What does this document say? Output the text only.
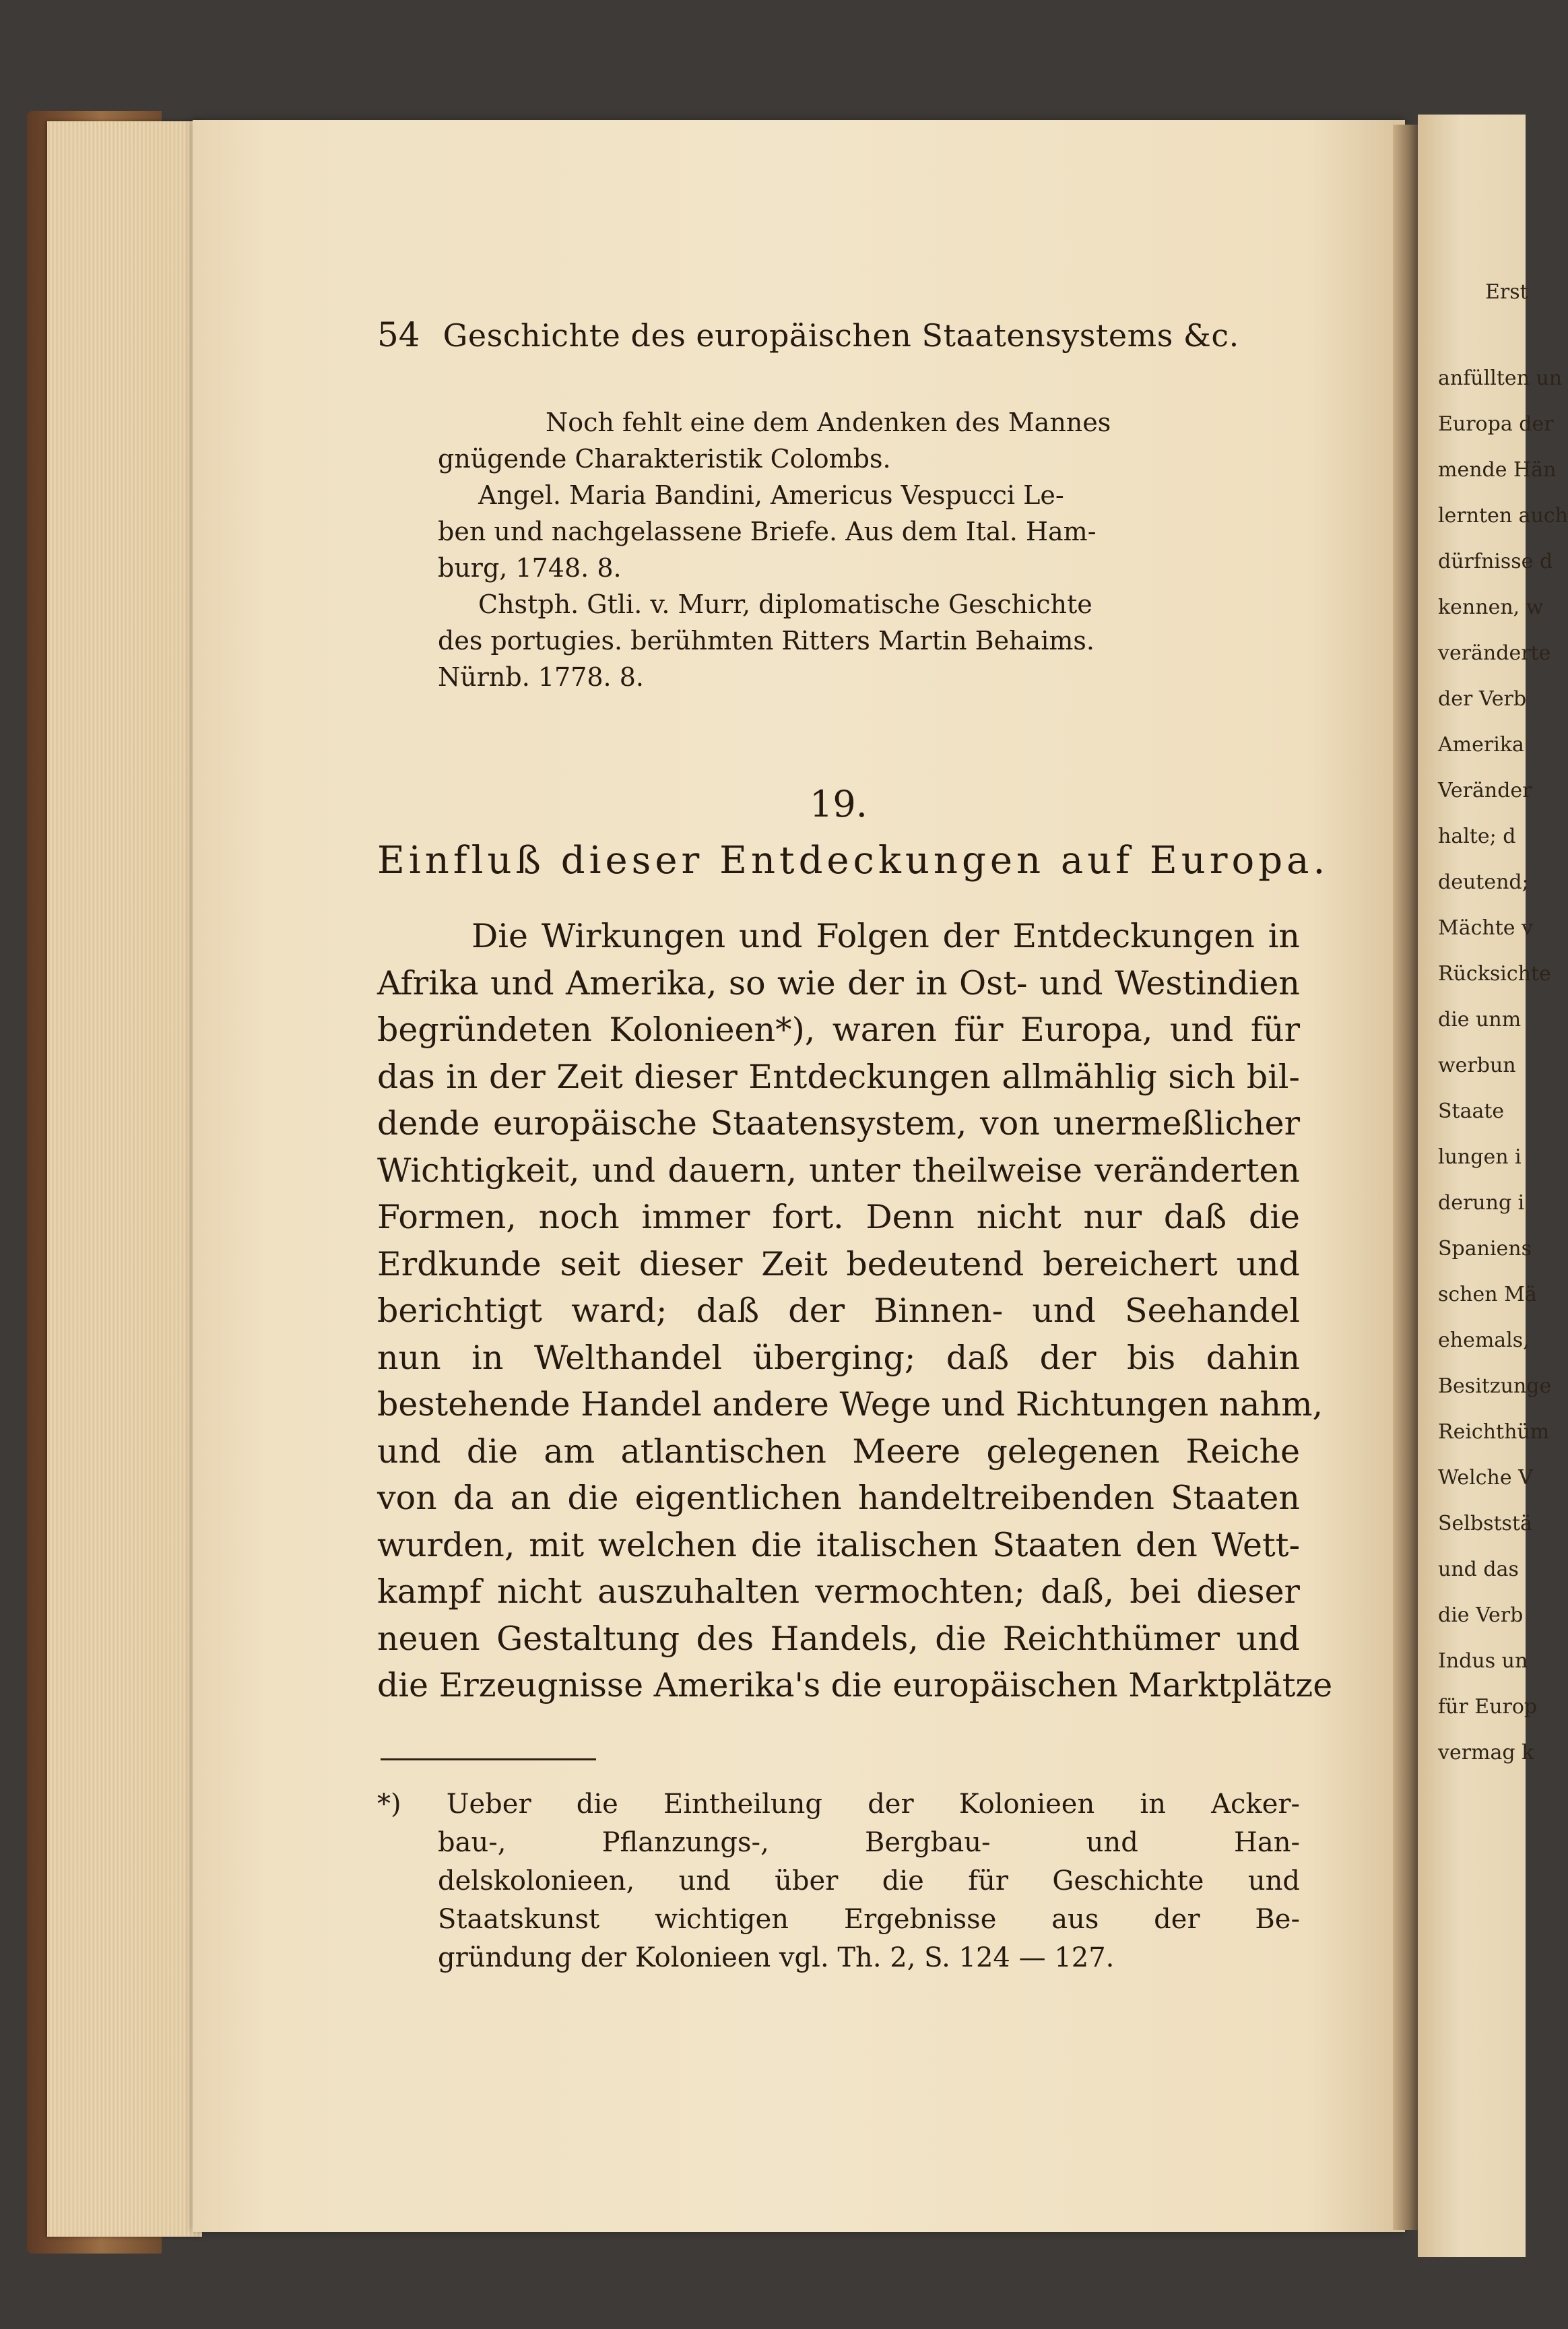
Erst
anfüllten un
Europa der
mende Hän
lernten auch
dürfnisse d
kennen, w
veränderte
der Verb
Amerika
Veränder
halte; d
deutend;
Mächte v
Rücksichte
die unm
werbun
Staate
lungen i
derung i
Spaniens
schen Mä
ehemals,
Besitzunge
Reichthüm
Welche V
Selbststä
und das
die Verb
Indus un
für Europ
vermag k
54 Geschichte des europäischen Staatensystems &c.
Noch fehlt eine dem Andenken des Mannes
gnügende Charakteristik Colombs.
Angel. Maria Bandini, Americus Vespucci Le-
ben und nachgelassene Briefe. Aus dem Ital. Ham-
burg, 1748. 8.
Chstph. Gtli. v. Murr, diplomatische Geschichte
des portugies. berühmten Ritters Martin Behaims.
Nürnb. 1778. 8.
19.
Einfluß dieser Entdeckungen auf Europa.
Die Wirkungen und Folgen der Entdeckungen in
Afrika und Amerika, so wie der in Ost- und Westindien
begründeten Kolonieen*), waren für Europa, und für
das in der Zeit dieser Entdeckungen allmählig sich bil-
dende europäische Staatensystem, von unermeßlicher
Wichtigkeit, und dauern, unter theilweise veränderten
Formen, noch immer fort. Denn nicht nur daß die
Erdkunde seit dieser Zeit bedeutend bereichert und
berichtigt ward; daß der Binnen- und Seehandel
nun in Welthandel überging; daß der bis dahin
bestehende Handel andere Wege und Richtungen nahm,
und die am atlantischen Meere gelegenen Reiche
von da an die eigentlichen handeltreibenden Staaten
wurden, mit welchen die italischen Staaten den Wett-
kampf nicht auszuhalten vermochten; daß, bei dieser
neuen Gestaltung des Handels, die Reichthümer und
die Erzeugnisse Amerika's die europäischen Marktplätze
*) Ueber die Eintheilung der Kolonieen in Acker-
bau-, Pflanzungs-, Bergbau- und Han-
delskolonieen, und über die für Geschichte und
Staatskunst wichtigen Ergebnisse aus der Be-
gründung der Kolonieen vgl. Th. 2, S. 124 — 127.
